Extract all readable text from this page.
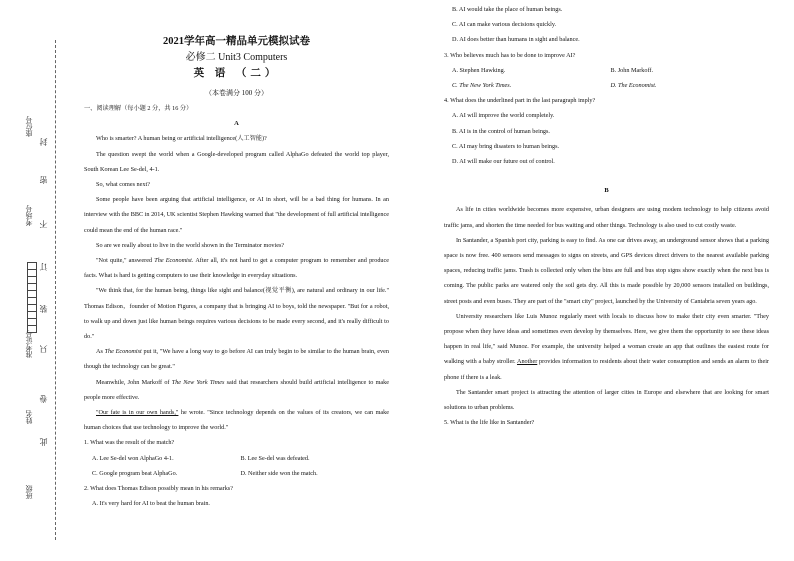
封
密
不
订
装
只
卷
此
座位号
考场号
准考证号
姓名
班级

2021学年高一精品单元模拟试卷

必修二 Unit3 Computers

英 语 （二）

（本卷满分 100 分）

一、阅读理解（每小题 2 分，共 16 分）

A

Who is smarter? A human being or artificial intelligence(人工智能)?

The question swept the world when a Google-developed program called AlphaGo defeated the world top player, South Korean Lee Se-del, 4-1.

So, what comes next?

Some people have been arguing that artificial intelligence, or AI in short, will be a bad thing for humans. In an interview with the BBC in 2014, UK scientist Stephen Hawking warned that "the development of full artificial intelligence could mean the end of the human race."

So are we really about to live in the world shown in the Terminator movies?

"Not quite," answered The Economist. After all, it's not hard to get a computer program to remember and produce facts. What is hard is getting computers to use their knowledge in everyday situations.

"We think that, for the human being, things like sight and balance(视觉平衡), are natural and ordinary in our life." Thomas Edison，founder of Motion Figures, a company that is bringing AI to boys, told the newspaper. "But for a robot, to walk up and down just like human beings requires various decisions to be made every second, and it's really difficult to do."

As The Economist put it, "We have a long way to go before AI can truly begin to be similar to the human brain, even though the technology can be great."

Meanwhile, John Markoff of The New York Times said that researchers should build artificial intelligence to make people more effective.

"Our fate is in our own hands," he wrote. "Since technology depends on the values of its creators, we can make human choices that use technology to improve the world."

1. What was the result of the match?

A. Lee Se-del won AlphaGo 4-1.	B. Lee Se-del was defeated.
C. Google program beat AlphaGo.	D. Neither side won the match.

2. What does Thomas Edison possibly mean in his remarks?

A. It's very hard for AI to beat the human brain.

B. AI would take the place of human beings.

C. AI can make various decisions quickly.

D. AI does better than humans in sight and balance.

3. Who believes much has to be done to improve AI?

A. Stephen Hawking.	B. John Markoff.
C. The New York Times.	D. The Economist.

4. What does the underlined part in the last paragraph imply?

A. AI will improve the world completely.

B. AI is in the control of human beings.

C. AI may bring disasters to human beings.

D. AI will make our future out of control.

B

As life in cities worldwide becomes more expensive, urban designers are using modem technology to help citizens avoid traffic jams, and shorten the time needed for bus waiting and other things. Technology is also used to cut costly waste.

In Santander, a Spanish port city, parking is easy to find. As one car drives away, an underground sensor shows that a parking space is now free. 400 sensors send messages to signs on streets, and GPS devices direct drivers to the nearest available parking spaces, reducing traffic jams. Trash is collected only when the bins are full and bus stop signs show exactly when the next bus is coming. The public parks are watered only the soil gets dry. All this is made possible by 20,000 sensors installed on buildings, street posts and even buses. They are part of the "smart city" project, launched by the University of Cantabria seven years ago.

University researchers like Luis Munoz regularly meet with locals to discuss how to make their city even smarter. "They propose when they have ideas and sometimes even develop by themselves. Here, we give them the opportunity to see these ideas happen in real life," said Munoz. For example, the university helped a woman create an app that outlines the easiest route for walking with a baby stroller. Another provides information to residents about their water consumption and sends an alarm to their phone if there is a leak.

The Santander smart project is attracting the attention of larger cities in Europe and elsewhere that are looking for smart solutions to urban problems.

5. What is the life like in Santander?
